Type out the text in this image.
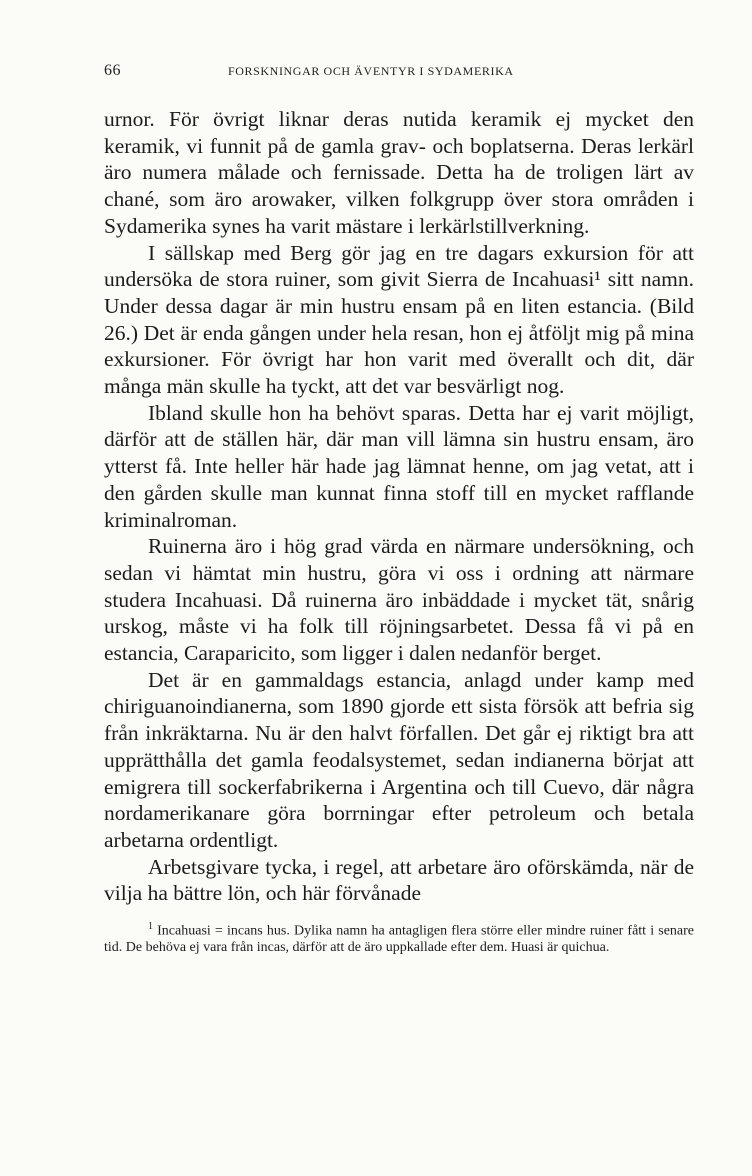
66	FORSKNINGAR OCH ÄVENTYR I SYDAMERIKA

urnor. För övrigt liknar deras nutida keramik ej mycket den keramik, vi funnit på de gamla grav- och boplatserna. Deras lerkärl äro numera målade och fernissade. Detta ha de troligen lärt av chané, som äro arowaker, vilken folkgrupp över stora områden i Sydamerika synes ha varit mästare i lerkärlstillverkning.

I sällskap med Berg gör jag en tre dagars exkursion för att undersöka de stora ruiner, som givit Sierra de Incahuasi¹ sitt namn. Under dessa dagar är min hustru ensam på en liten estancia. (Bild 26.) Det är enda gången under hela resan, hon ej åtföljt mig på mina exkursioner. För övrigt har hon varit med överallt och dit, där många män skulle ha tyckt, att det var besvärligt nog.

Ibland skulle hon ha behövt sparas. Detta har ej varit möjligt, därför att de ställen här, där man vill lämna sin hustru ensam, äro ytterst få. Inte heller här hade jag lämnat henne, om jag vetat, att i den gården skulle man kunnat finna stoff till en mycket rafflande kriminalroman.

Ruinerna äro i hög grad värda en närmare undersökning, och sedan vi hämtat min hustru, göra vi oss i ordning att närmare studera Incahuasi. Då ruinerna äro inbäddade i mycket tät, snårig urskog, måste vi ha folk till röjningsarbetet. Dessa få vi på en estancia, Caraparicito, som ligger i dalen nedanför berget.

Det är en gammaldags estancia, anlagd under kamp med chiriguanoindianerna, som 1890 gjorde ett sista försök att befria sig från inkräktarna. Nu är den halvt förfallen. Det går ej riktigt bra att upprätthålla det gamla feodalsystemet, sedan indianerna börjat att emigrera till sockerfabrikerna i Argentina och till Cuevo, där några nordamerikanare göra borrningar efter petroleum och betala arbetarna ordentligt.

Arbetsgivare tycka, i regel, att arbetare äro oförskämda, när de vilja ha bättre lön, och här förvånade

$^1$ Incahuasi = incans hus. Dylika namn ha antagligen flera större eller mindre ruiner fått i senare tid. De behöva ej vara från incas, därför att de äro uppkallade efter dem. Huasi är quichua.
